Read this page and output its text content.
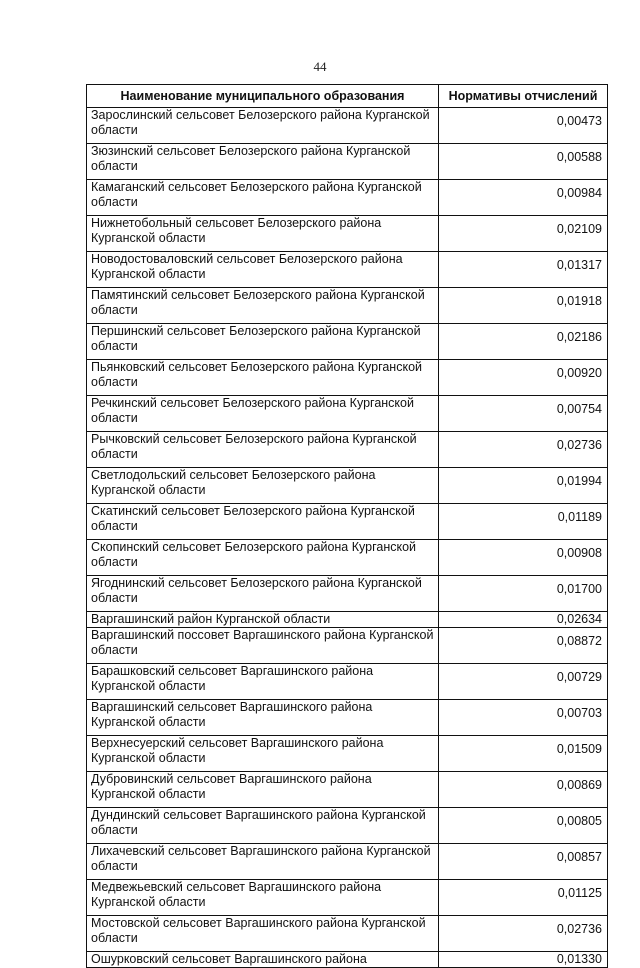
44
Наименование муниципального образования	Нормативы отчислений
Зарослинский сельсовет Белозерского района Курганской области	0,00473
Зюзинский сельсовет Белозерского района Курганской области	0,00588
Камаганский сельсовет Белозерского района Курганской области	0,00984
Нижнетобольный сельсовет Белозерского района Курганской области	0,02109
Новодостоваловский сельсовет Белозерского района Курганской области	0,01317
Памятинский сельсовет Белозерского района Курганской области	0,01918
Першинский сельсовет Белозерского района Курганской области	0,02186
Пьянковский сельсовет Белозерского района Курганской области	0,00920
Речкинский сельсовет Белозерского района Курганской области	0,00754
Рычковский сельсовет Белозерского района Курганской области	0,02736
Светлодольский сельсовет Белозерского района Курганской области	0,01994
Скатинский сельсовет Белозерского района Курганской области	0,01189
Скопинский сельсовет Белозерского района Курганской области	0,00908
Ягоднинский сельсовет Белозерского района Курганской области	0,01700
Варгашинский район Курганской области	0,02634
Варгашинский поссовет Варгашинского района Курганской области	0,08872
Барашковский сельсовет Варгашинского района Курганской области	0,00729
Варгашинский сельсовет Варгашинского района Курганской области	0,00703
Верхнесуерский сельсовет Варгашинского района Курганской области	0,01509
Дубровинский сельсовет Варгашинского района Курганской области	0,00869
Дундинский сельсовет Варгашинского района Курганской области	0,00805
Лихачевский сельсовет Варгашинского района Курганской области	0,00857
Медвежьевский сельсовет Варгашинского района Курганской области	0,01125
Мостовской сельсовет Варгашинского района Курганской области	0,02736
Ошурковский сельсовет Варгашинского района	0,01330
